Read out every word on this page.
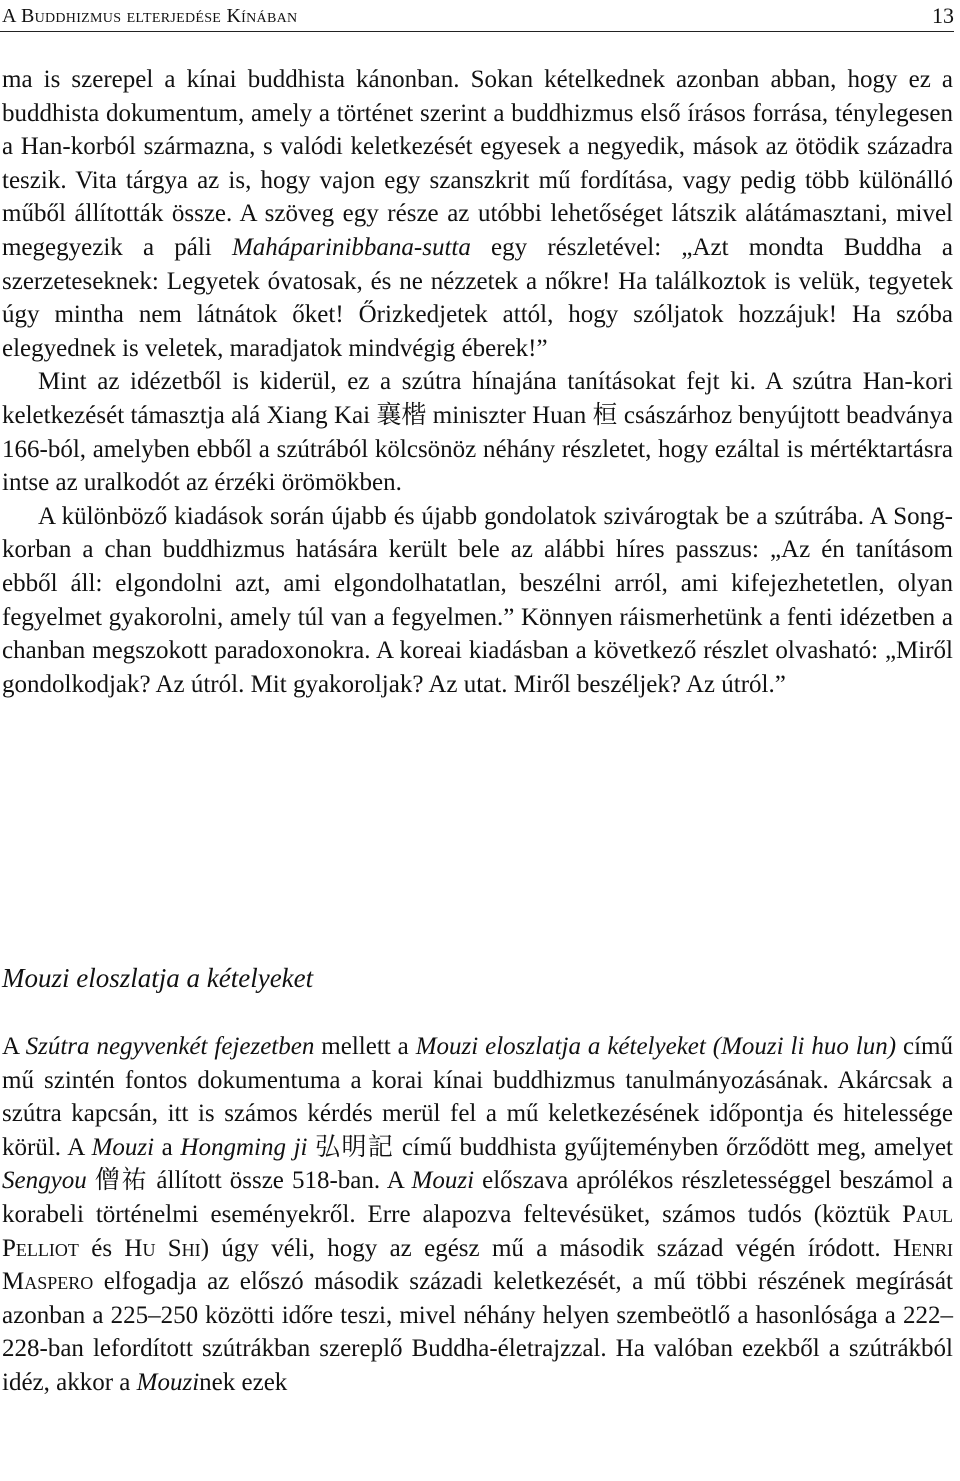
A Buddhizmus elterjedése Kínában	13

ma is szerepel a kínai buddhista kánonban. Sokan kételkednek azonban abban, hogy ez a buddhista dokumentum, amely a történet szerint a buddhizmus első írásos forrása, ténylegesen a Han-korból származna, s valódi keletkezését egyesek a negyedik, mások az ötödik századra teszik. Vita tárgya az is, hogy vajon egy szanszkrit mű fordítása, vagy pedig több különálló műből állították össze. A szöveg egy része az utóbbi lehetőséget látszik alátámasztani, mivel megegyezik a páli Maháparinibbana-sutta egy részletével: „Azt mondta Buddha a szerzeteseknek: Legyetek óvatosak, és ne nézzetek a nőkre! Ha találkoztok is velük, tegyetek úgy mintha nem látnátok őket! Őrizkedjetek attól, hogy szóljatok hozzájuk! Ha szóba elegyednek is veletek, maradjatok mindvégig éberek!”

Mint az idézetből is kiderül, ez a szútra hínajána tanításokat fejt ki. A szútra Han-kori keletkezését támasztja alá Xiang Kai 襄楷 miniszter Huan 桓 császárhoz benyújtott beadványa 166-ból, amelyben ebből a szútrából kölcsönöz néhány részletet, hogy ezáltal is mértéktartásra intse az uralkodót az érzéki örömökben.

A különböző kiadások során újabb és újabb gondolatok szivárogtak be a szútrába. A Song-korban a chan buddhizmus hatására került bele az alábbi híres passzus: „Az én tanításom ebből áll: elgondolni azt, ami elgondolhatatlan, beszélni arról, ami kifejezhetetlen, olyan fegyelmet gyakorolni, amely túl van a fegyelmen.” Könnyen ráismerhetünk a fenti idézetben a chanban megszokott paradoxonokra. A koreai kiadásban a következő részlet olvasható: „Miről gondolkodjak? Az útról. Mit gyakoroljak? Az utat. Miről beszéljek? Az útról.”

Mouzi eloszlatja a kételyeket

A Szútra negyvenkét fejezetben mellett a Mouzi eloszlatja a kételyeket (Mouzi li huo lun) című mű szintén fontos dokumentuma a korai kínai buddhizmus tanulmányozásának. Akárcsak a szútra kapcsán, itt is számos kérdés merül fel a mű keletkezésének időpontja és hitelessége körül. A Mouzi a Hongming ji 弘明記 című buddhista gyűjteményben őrződött meg, amelyet Sengyou 僧祐 állított össze 518-ban. A Mouzi előszava aprólékos részletességgel beszámol a korabeli történelmi eseményekről. Erre alapozva feltevésüket, számos tudós (köztük Paul Pelliot és Hu Shi) úgy véli, hogy az egész mű a második század végén íródott. Henri Maspero elfogadja az előszó második századi keletkezését, a mű többi részének megírását azonban a 225–250 közötti időre teszi, mivel néhány helyen szembeötlő a hasonlósága a 222–228-ban lefordított szútrákban szereplő Buddha-életrajzzal. Ha valóban ezekből a szútrákból idéz, akkor a Mouzinek ezek
